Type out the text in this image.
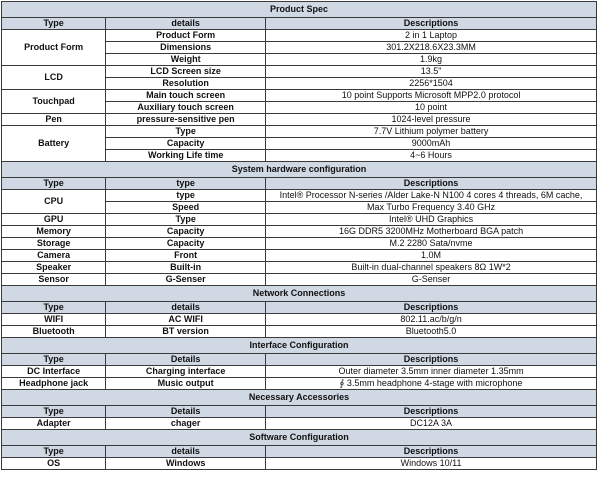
Product Spec		
Type	details	Descriptions
Product Form	Product Form	2 in 1 Laptop
	Dimensions	301.2X218.6X23.3MM
	Weight	1.9kg
LCD	LCD Screen size	13.5"
	Resolution	2256*1504
Touchpad	Main touch screen	10 point Supports Microsoft MPP2.0 protocol
	Auxiliary touch screen	10 point
Pen	pressure-sensitive pen	1024-level pressure
Battery	Type	7.7V Lithium polymer battery
	Capacity	9000mAh
	Working Life time	4~6 Hours
System hardware configuration		
Type	type	Descriptions
CPU	type	Intel® Processor N-series /Alder Lake-N N100 4 cores 4 threads, 6M cache,
	Speed	Max Turbo Frequency 3.40 GHz
GPU	Type	Intel® UHD Graphics
Memory	Capacity	16G DDR5 3200MHz Motherboard BGA patch
Storage	Capacity	M.2 2280 Sata/nvme
Camera	Front	1.0M
Speaker	Built-in	Built-in dual-channel speakers 8Ω 1W*2
Sensor	G-Senser	G-Senser
Network Connections		
Type	details	Descriptions
WIFI	AC WIFI	802.11.ac/b/g/n
Bluetooth	BT version	Bluetooth5.0
Interface Configuration		
Type	Details	Descriptions
DC Interface	Charging interface	Outer diameter 3.5mm inner diameter 1.35mm
Headphone jack	Music output	∮ 3.5mm headphone 4-stage with microphone
Necessary Accessories		
Type	Details	Descriptions
Adapter	chager	DC12A 3A
Software Configuration		
Type	details	Descriptions
OS	Windows	Windows 10/11
